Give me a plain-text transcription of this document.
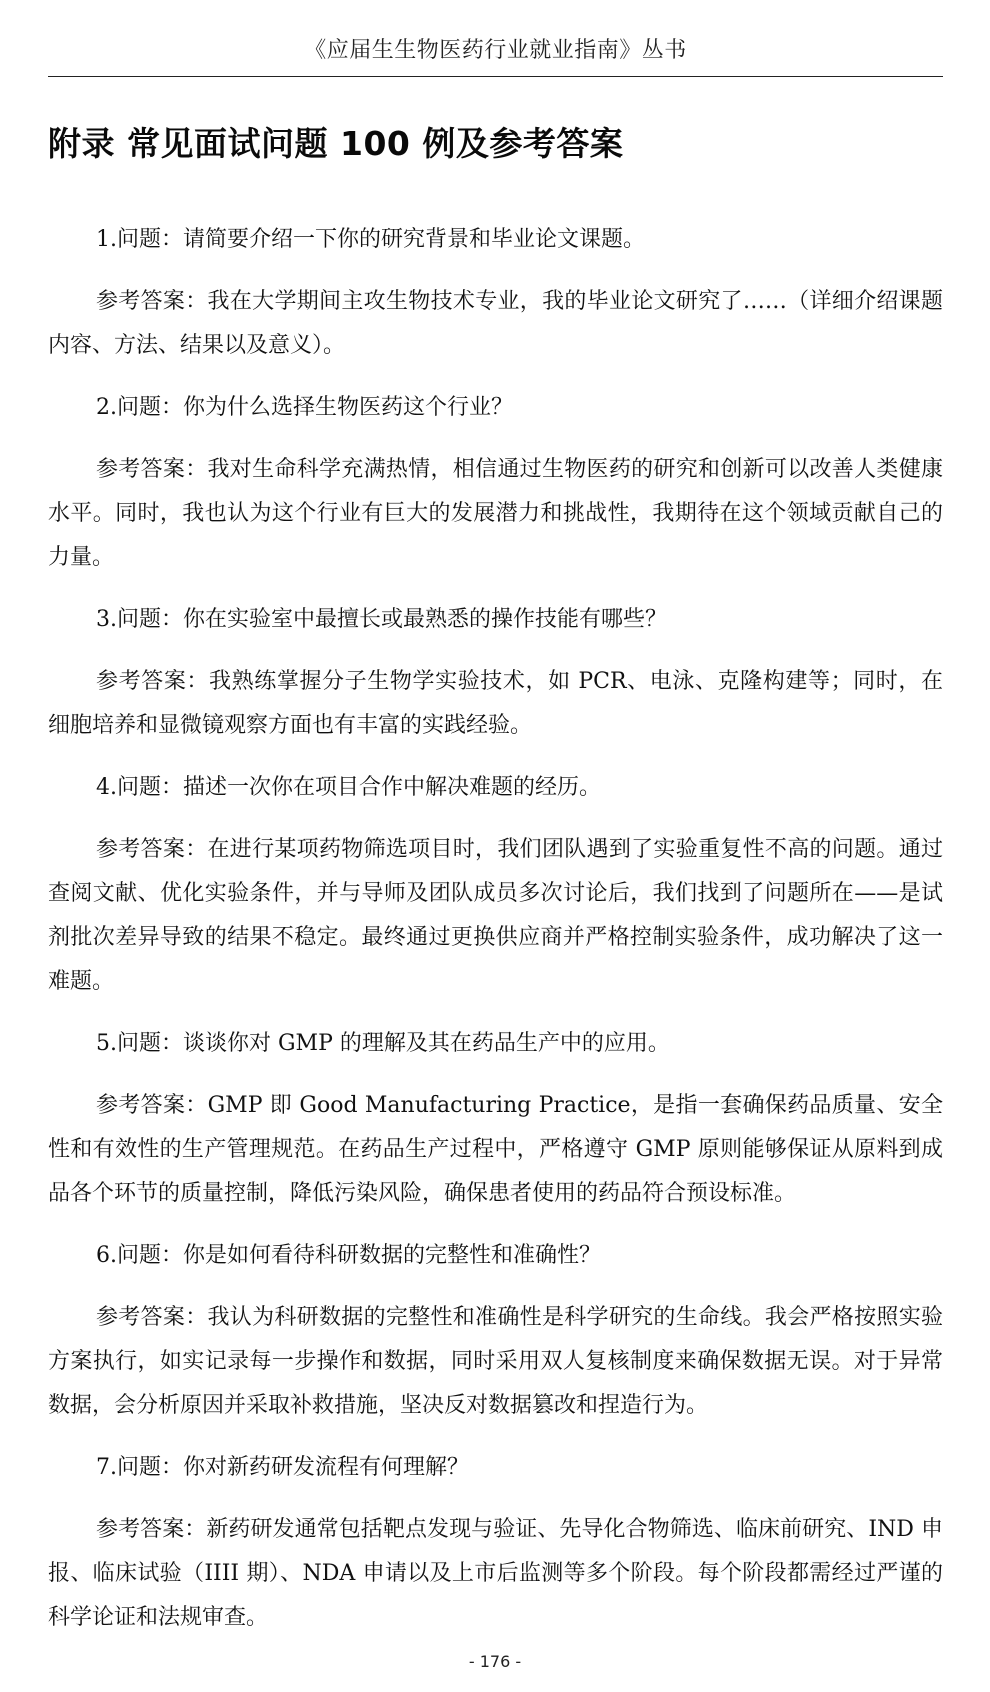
《应届生生物医药行业就业指南》丛书
附录 常见面试问题 100 例及参考答案

1.问题：请简要介绍一下你的研究背景和毕业论文课题。

参考答案：我在大学期间主攻生物技术专业，我的毕业论文研究了……（详细介绍课题内容、方法、结果以及意义）。

2.问题：你为什么选择生物医药这个行业？

参考答案：我对生命科学充满热情，相信通过生物医药的研究和创新可以改善人类健康水平。同时，我也认为这个行业有巨大的发展潜力和挑战性，我期待在这个领域贡献自己的力量。

3.问题：你在实验室中最擅长或最熟悉的操作技能有哪些？

参考答案：我熟练掌握分子生物学实验技术，如 PCR、电泳、克隆构建等；同时，在细胞培养和显微镜观察方面也有丰富的实践经验。

4.问题：描述一次你在项目合作中解决难题的经历。

参考答案：在进行某项药物筛选项目时，我们团队遇到了实验重复性不高的问题。通过查阅文献、优化实验条件，并与导师及团队成员多次讨论后，我们找到了问题所在——是试剂批次差异导致的结果不稳定。最终通过更换供应商并严格控制实验条件，成功解决了这一难题。

5.问题：谈谈你对 GMP 的理解及其在药品生产中的应用。

参考答案：GMP 即 Good Manufacturing Practice，是指一套确保药品质量、安全性和有效性的生产管理规范。在药品生产过程中，严格遵守 GMP 原则能够保证从原料到成品各个环节的质量控制，降低污染风险，确保患者使用的药品符合预设标准。

6.问题：你是如何看待科研数据的完整性和准确性？

参考答案：我认为科研数据的完整性和准确性是科学研究的生命线。我会严格按照实验方案执行，如实记录每一步操作和数据，同时采用双人复核制度来确保数据无误。对于异常数据，会分析原因并采取补救措施，坚决反对数据篡改和捏造行为。

7.问题：你对新药研发流程有何理解？

参考答案：新药研发通常包括靶点发现与验证、先导化合物筛选、临床前研究、IND 申报、临床试验（IIII 期）、NDA 申请以及上市后监测等多个阶段。每个阶段都需经过严谨的科学论证和法规审查。

- 176 -
